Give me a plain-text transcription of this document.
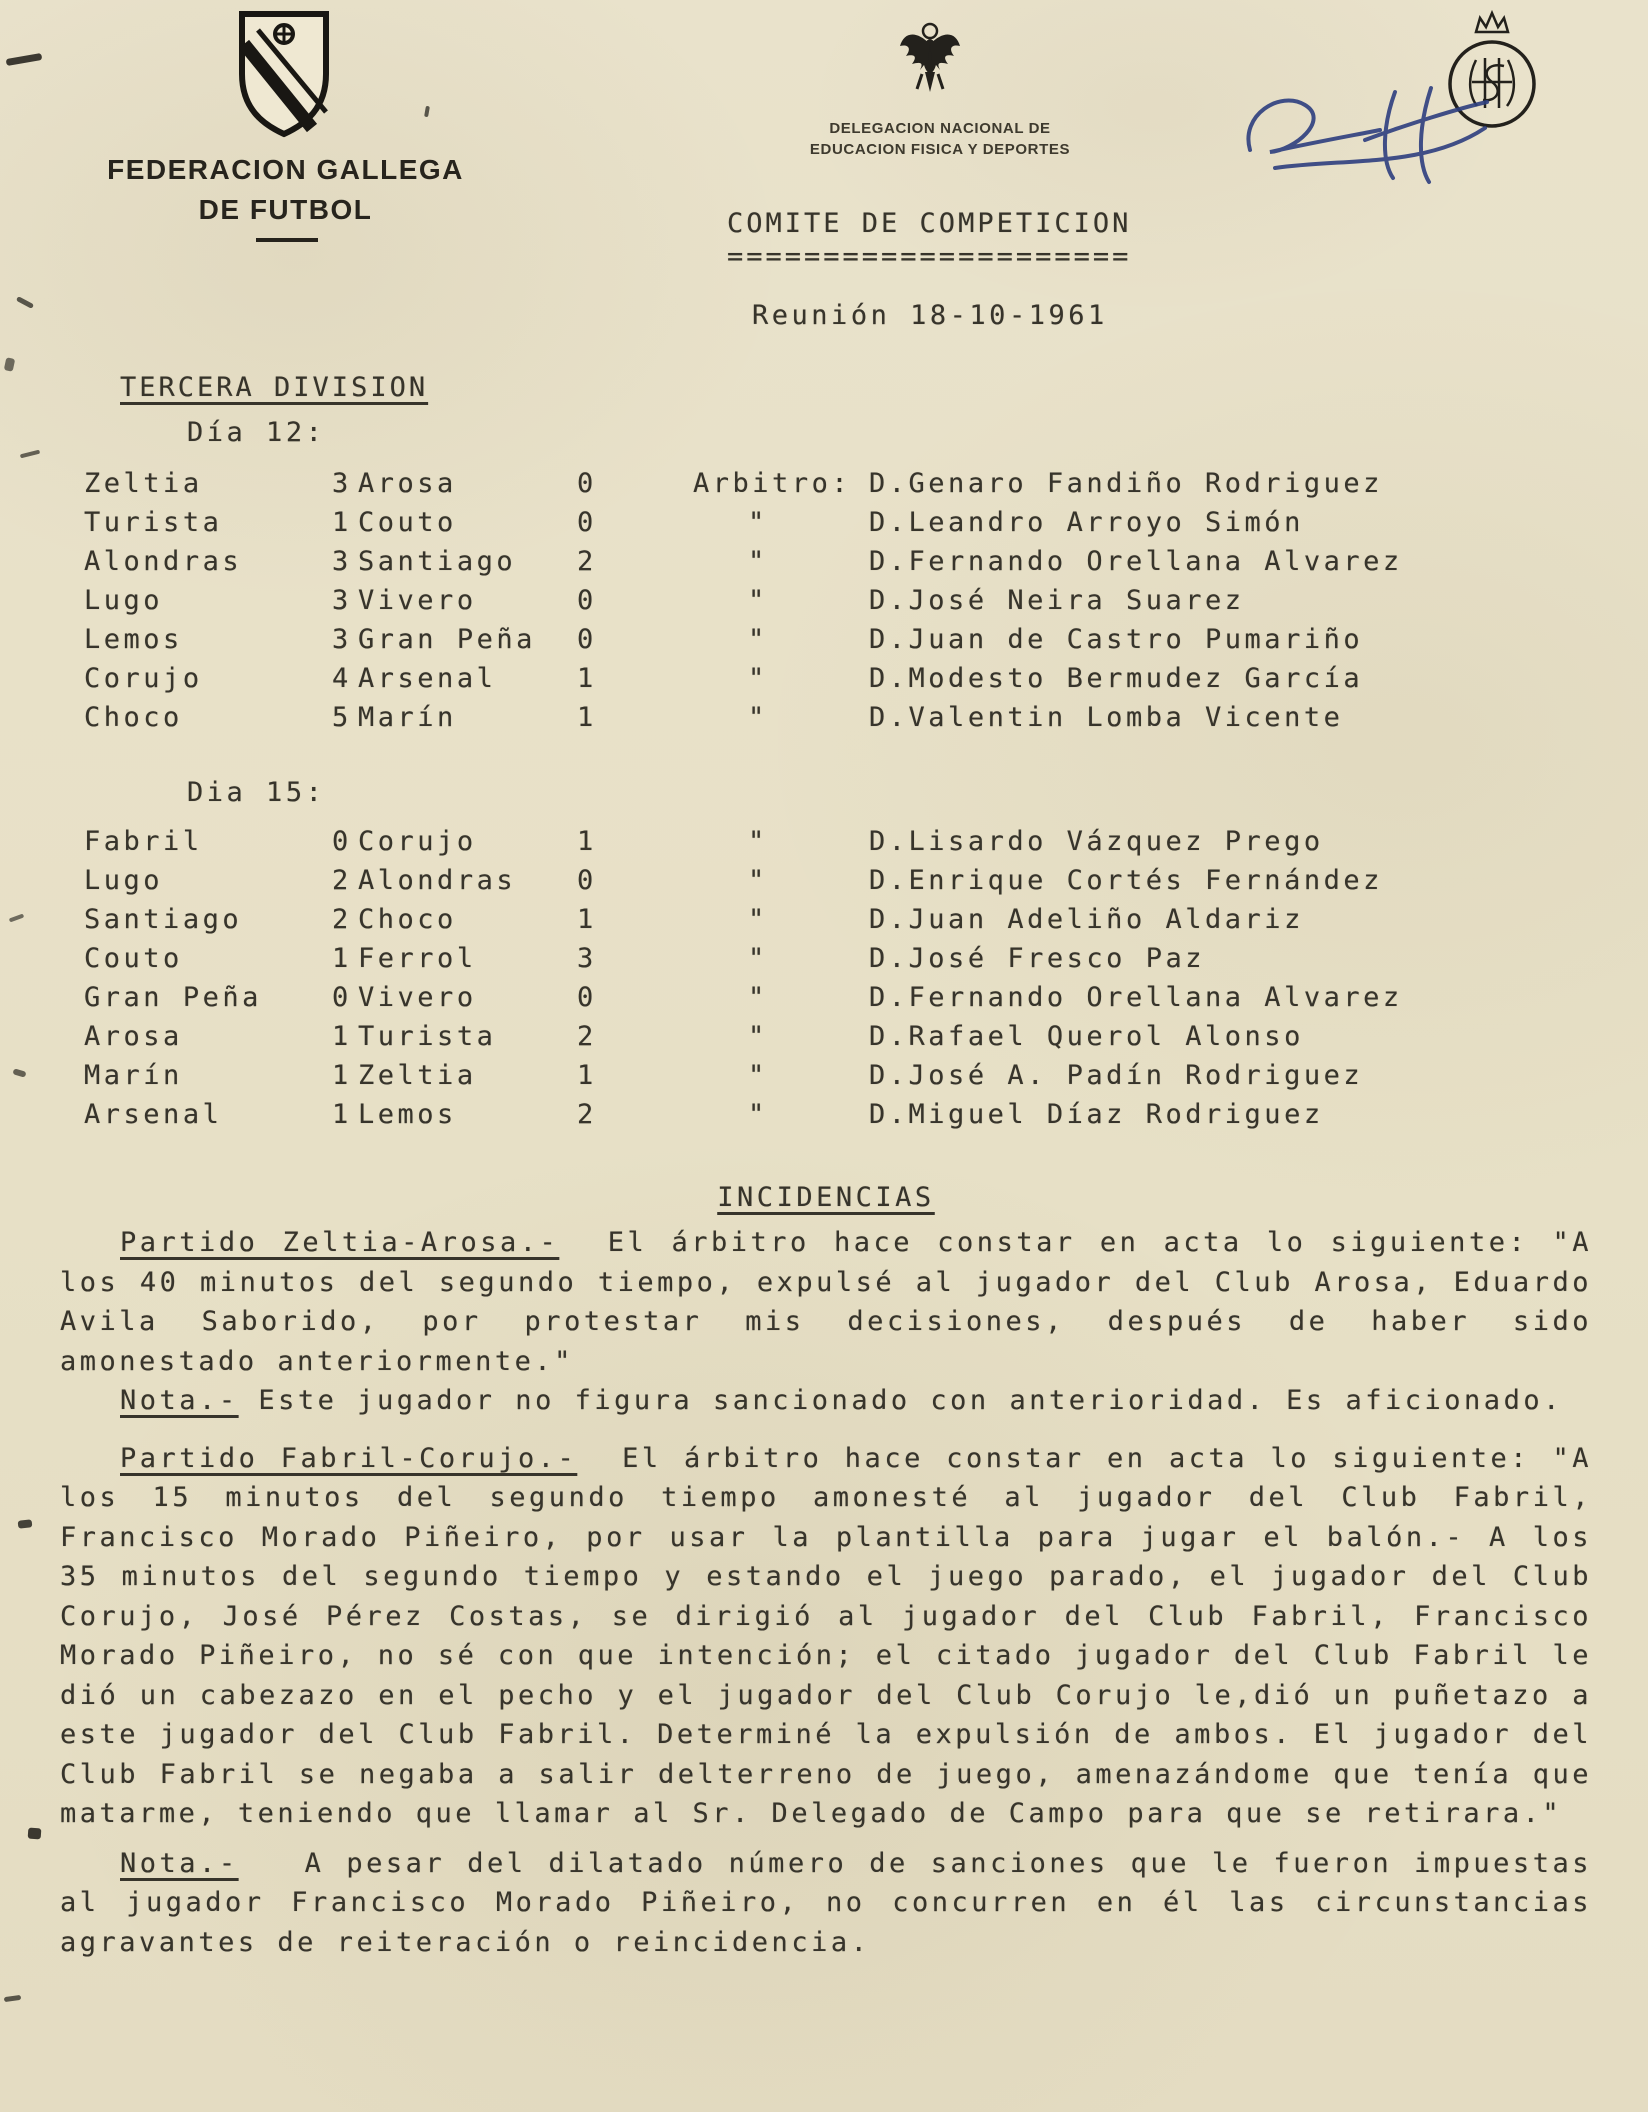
FEDERACION GALLEGA
DE FUTBOL
DELEGACION NACIONAL DE
EDUCACION FISICA Y DEPORTES
COMITE DE COMPETICION
=====================
Reunión 18-10-1961
TERCERA DIVISION
Día 12:
Zeltia	3 Arosa	0	Arbitro: D.Genaro Fandiño Rodriguez
Turista	1 Couto	0	"	D.Leandro Arroyo Simón
Alondras	3 Santiago 2	"	D.Fernando Orellana Alvarez
Lugo	3 Vivero	0	"	D.José Neira Suarez
Lemos	3 Gran Peña 0	"	D.Juan de Castro Pumariño
Corujo	4 Arsenal	1	"	D.Modesto Bermudez García
Choco	5 Marín	1	"	D.Valentin Lomba Vicente
Dia 15:
Fabril	0 Corujo	1	"	D.Lisardo Vázquez Prego
Lugo	2 Alondras 0	"	D.Enrique Cortés Fernández
Santiago	2 Choco	1	"	D.Juan Adeliño Aldariz
Couto	1 Ferrol	3	"	D.José Fresco Paz
Gran Peña	0 Vivero	0	"	D.Fernando Orellana Alvarez
Arosa	1 Turista	2	"	D.Rafael Querol Alonso
Marín	1 Zeltia	1	"	D.José A. Padín Rodriguez
Arsenal	1 Lemos	2	"	D.Miguel Díaz Rodriguez
INCIDENCIAS

Partido Zeltia-Arosa.-  El árbitro hace constar en acta lo siguiente: "A los 40 minutos del segundo tiempo, expulsé al jugador del Club Arosa, Eduardo Avila Saborido, por protestar mis decisiones, después de haber sido amonestado anteriormente."

Nota.- Este jugador no figura sancionado con anterioridad. Es aficionado.

Partido Fabril-Corujo.-  El árbitro hace constar en acta lo siguiente: "A los 15 minutos del segundo tiempo amonesté al jugador del Club Fabril, Francisco Morado Piñeiro, por usar la plantilla para jugar el balón.- A los 35 minutos del segundo tiempo y estando el juego parado, el jugador del Club Corujo, José Pérez Costas, se dirigió al jugador del Club Fabril, Francisco Morado Piñeiro, no sé con que intención; el citado jugador del Club Fabril le dió un cabezazo en el pecho y el jugador del Club Corujo le,dió un puñetazo a este jugador del Club Fabril. Determiné la expulsión de ambos. El jugador del Club Fabril se negaba a salir delterreno de juego, amenazándome que tenía que matarme, teniendo que llamar al Sr. Delegado de Campo para que se retirara."

Nota.-   A pesar del dilatado número de sanciones que le fueron impuestas al jugador Francisco Morado Piñeiro, no concurren en él las circunstancias agravantes de reiteración o reincidencia.
